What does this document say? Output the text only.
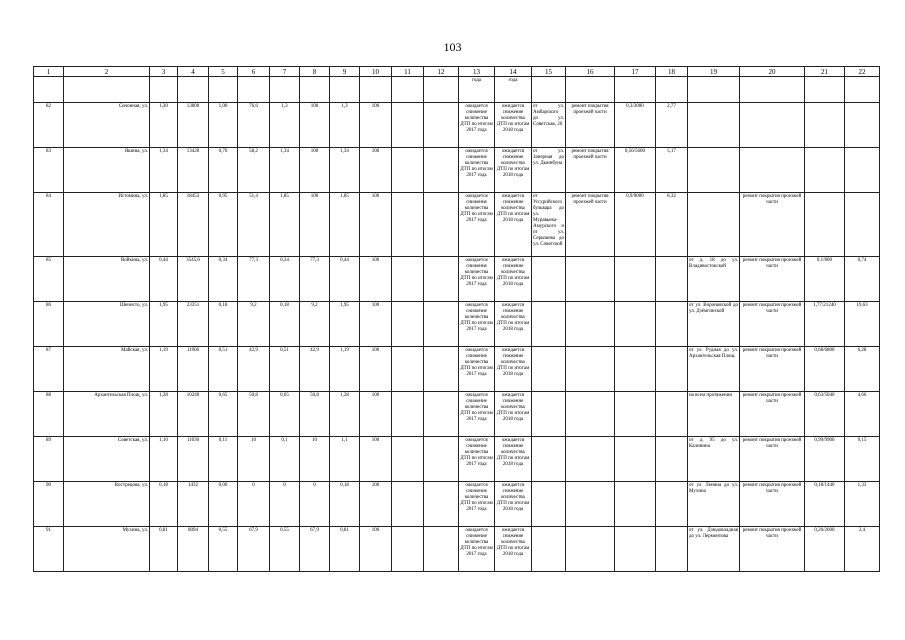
103
1	2	3	4	5	6	7	8	9	10	11	12	13	14	15	16	17	18	19	20	21	22
												года	года								
82	Сенонная, ул.	1,30	13000	1,00	76,6	1,3	100	1,3	100			ожидается снижение количества ДТП по итогам 2017 года	ожидается снижение количества ДТП по итогам 2018 года	от ул. Амбарского до ул. Советская, 20	ремонт покрытия проезжей части	0,3/3000	2,77				
83	Яшина, ул.	1,34	13420	0,76	58,2	1,34	100	1,34	100			ожидается снижение количества ДТП по итогам 2017 года	ожидается снижение количества ДТП по итогам 2018 года	от ул. Заперная до ул. Дыннбуна	ремонт покрытия проезжей части	0,56/5600	5,17				
84	Истомина, ул.	1,85	18453	0,95	51,4	1,85	100	1,85	100			ожидается снижение количества ДТП по итогам 2017 года	ожидается снижение количества ДТП по итогам 2018 года	от Уссурийского бульвара до ул. Муравьева-Амурского и от ул. Серышева до ул. Советской	ремонт покрытия проезжей части	0,9/9000	8,32		ремонт покрытия проезжей части		
85	Войкина, ул.	0,44	3545,6	0,34	77,3	0,34	77,3	0,44	100			ожидается снижение количества ДТП по итогам 2017 года	ожидается снижение количества ДТП по итогам 2018 года					от д. 18 до ул. Владивостокской	ремонт покрытия проезжей части	0,1/800	0,74
86	Шеинсто, ул.	1,95	23351	0,18	9,2	0,18	9,2	1,95	100			ожидается снижение количества ДТП по итогам 2017 года	ожидается снижение количества ДТП по итогам 2018 года					от ул. Вороновской до ул. Дзёмгинской	ремонт покрытия проезжей части	1,77/21240	19,63
87	Майская, ул.	1,19	11906	0,51	42,9	0,51	42,9	1,19	100			ожидается снижение количества ДТП по итогам 2017 года	ожидается снижение количества ДТП по итогам 2018 года					от ул. Рудная до ул. Архангельская Площ.	ремонт покрытия проезжей части	0,68/6800	6,28
88	Архангельская Площ, ул.	1,28	10240	0,65	50,8	0,65	50,8	1,28	100			ожидается снижение количества ДТП по итогам 2017 года	ожидается снижение количества ДТП по итогам 2018 года					на всем протяжении	ремонт покрытия проезжей части	0,63/5040	4,66
89	Советская, ул.	1,10	11030	0,11	10	0,1	10	1,1	100			ожидается снижение количества ДТП по итогам 2017 года	ожидается снижение количества ДТП по итогам 2018 года					от д. 95 до ул. Калинина	ремонт покрытия проезжей части	0,99/9900	9,15
90	Вострецова, ул.	0,18	1432	0,00	0	0	0	0,18	100			ожидается снижение количества ДТП по итогам 2017 года	ожидается снижение количества ДТП по итогам 2018 года					от ул. Ленина до ул. Мухина	ремонт покрытия проезжей части	0,18/1440	1,33
91	Мухина, ул.	0,81	8094	0,55	67,9	0,55	67,9	0,81	100			ожидается снижение количества ДТП по итогам 2017 года	ожидается снижение количества ДТП по итогам 2018 года					от ул. Дзюдовладная до ул. Лермонтова	ремонт покрытия проезжей части	0,26/2600	2,4
